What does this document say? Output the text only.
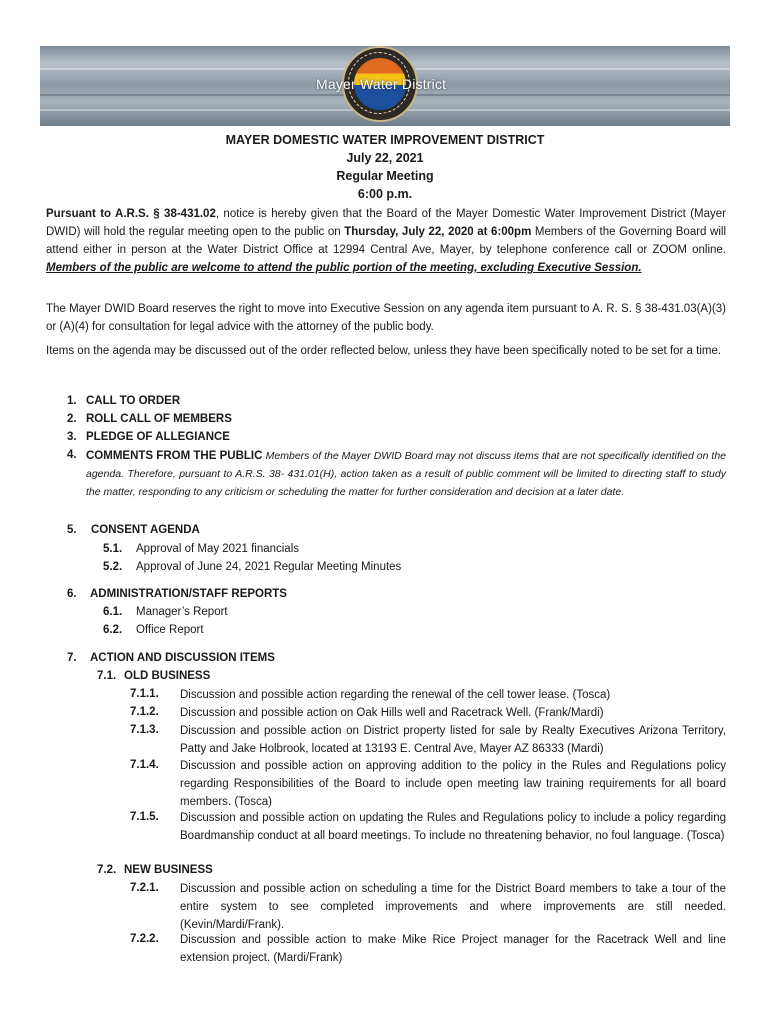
Mayer Water District
MAYER DOMESTIC WATER IMPROVEMENT DISTRICT
July 22, 2021
Regular Meeting
6:00 p.m.
Pursuant to A.R.S. § 38-431.02, notice is hereby given that the Board of the Mayer Domestic Water Improvement District (Mayer DWID) will hold the regular meeting open to the public on Thursday, July 22, 2020 at 6:00pm Members of the Governing Board will attend either in person at the Water District Office at 12994 Central Ave, Mayer, by telephone conference call or ZOOM online. Members of the public are welcome to attend the public portion of the meeting, excluding Executive Session.
The Mayer DWID Board reserves the right to move into Executive Session on any agenda item pursuant to A. R. S. § 38-431.03(A)(3) or (A)(4) for consultation for legal advice with the attorney of the public body.
Items on the agenda may be discussed out of the order reflected below, unless they have been specifically noted to be set for a time.
1. CALL TO ORDER
2. ROLL CALL OF MEMBERS
3. PLEDGE OF ALLEGIANCE
4. COMMENTS FROM THE PUBLIC Members of the Mayer DWID Board may not discuss items that are not specifically identified on the agenda. Therefore, pursuant to A.R.S. 38- 431.01(H), action taken as a result of public comment will be limited to directing staff to study the matter, responding to any criticism or scheduling the matter for further consideration and decision at a later date.
5. CONSENT AGENDA
5.1. Approval of May 2021 financials
5.2. Approval of June 24, 2021 Regular Meeting Minutes
6. ADMINISTRATION/STAFF REPORTS
6.1. Manager’s Report
6.2. Office Report
7. ACTION AND DISCUSSION ITEMS
7.1. OLD BUSINESS
7.1.1. Discussion and possible action regarding the renewal of the cell tower lease. (Tosca)
7.1.2. Discussion and possible action on Oak Hills well and Racetrack Well. (Frank/Mardi)
7.1.3. Discussion and possible action on District property listed for sale by Realty Executives Arizona Territory, Patty and Jake Holbrook, located at 13193 E. Central Ave, Mayer AZ 86333 (Mardi)
7.1.4. Discussion and possible action on approving addition to the policy in the Rules and Regulations policy regarding Responsibilities of the Board to include open meeting law training requirements for all board members. (Tosca)
7.1.5. Discussion and possible action on updating the Rules and Regulations policy to include a policy regarding Boardmanship conduct at all board meetings. To include no threatening behavior, no foul language. (Tosca)
7.2. NEW BUSINESS
7.2.1. Discussion and possible action on scheduling a time for the District Board members to take a tour of the entire system to see completed improvements and where improvements are still needed. (Kevin/Mardi/Frank).
7.2.2. Discussion and possible action to make Mike Rice Project manager for the Racetrack Well and line extension project. (Mardi/Frank)
